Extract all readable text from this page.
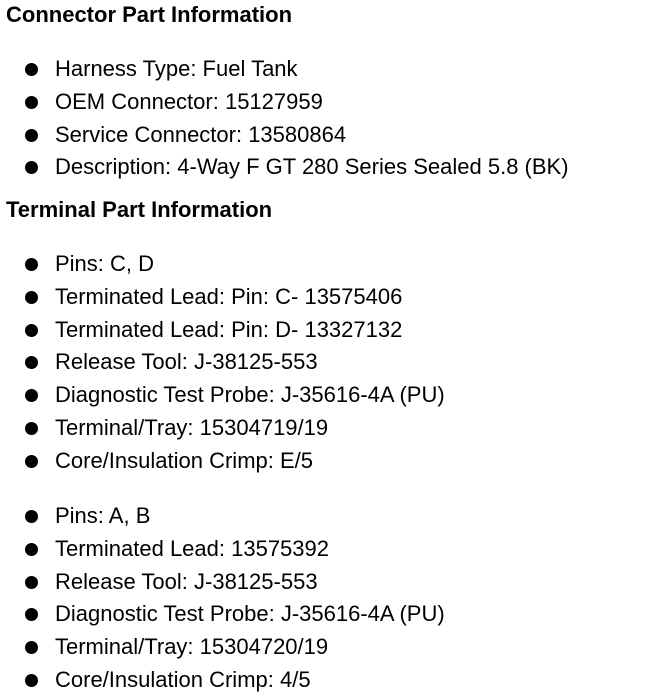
Connector Part Information
Harness Type: Fuel Tank
OEM Connector: 15127959
Service Connector: 13580864
Description: 4-Way F GT 280 Series Sealed 5.8 (BK)
Terminal Part Information
Pins: C, D
Terminated Lead: Pin: C- 13575406
Terminated Lead: Pin: D- 13327132
Release Tool: J-38125-553
Diagnostic Test Probe: J-35616-4A (PU)
Terminal/Tray: 15304719/19
Core/Insulation Crimp: E/5
Pins: A, B
Terminated Lead: 13575392
Release Tool: J-38125-553
Diagnostic Test Probe: J-35616-4A (PU)
Terminal/Tray: 15304720/19
Core/Insulation Crimp: 4/5
